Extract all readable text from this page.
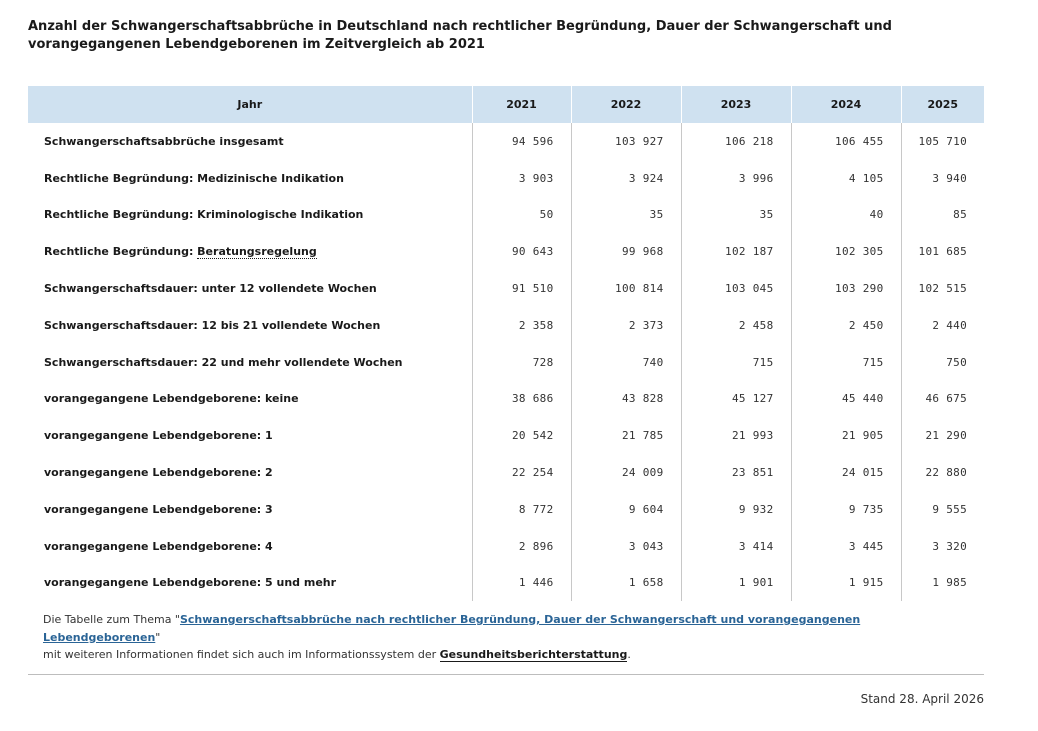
Anzahl der Schwangerschaftsabbrüche in Deutschland nach rechtlicher Begründung, Dauer der Schwangerschaft und vorangegangenen Lebendgeborenen im Zeitvergleich ab 2021
Jahr	2021	2022	2023	2024	2025
Schwangerschaftsabbrüche insgesamt	94 596	103 927	106 218	106 455	105 710
Rechtliche Begründung: Medizinische Indikation	3 903	3 924	3 996	4 105	3 940
Rechtliche Begründung: Kriminologische Indikation	50	35	35	40	85
Rechtliche Begründung: Beratungsregelung	90 643	99 968	102 187	102 305	101 685
Schwangerschaftsdauer: unter 12 vollendete Wochen	91 510	100 814	103 045	103 290	102 515
Schwangerschaftsdauer: 12 bis 21 vollendete Wochen	2 358	2 373	2 458	2 450	2 440
Schwangerschaftsdauer: 22 und mehr vollendete Wochen	728	740	715	715	750
vorangegangene Lebendgeborene: keine	38 686	43 828	45 127	45 440	46 675
vorangegangene Lebendgeborene: 1	20 542	21 785	21 993	21 905	21 290
vorangegangene Lebendgeborene: 2	22 254	24 009	23 851	24 015	22 880
vorangegangene Lebendgeborene: 3	8 772	9 604	9 932	9 735	9 555
vorangegangene Lebendgeborene: 4	2 896	3 043	3 414	3 445	3 320
vorangegangene Lebendgeborene: 5 und mehr	1 446	1 658	1 901	1 915	1 985
Die Tabelle zum Thema "Schwangerschaftsabbrüche nach rechtlicher Begründung, Dauer der Schwangerschaft und vorangegangenen Lebendgeborenen"
mit weiteren Informationen findet sich auch im Informationssystem der Gesundheitsberichterstattung.
Stand 28. April 2026
